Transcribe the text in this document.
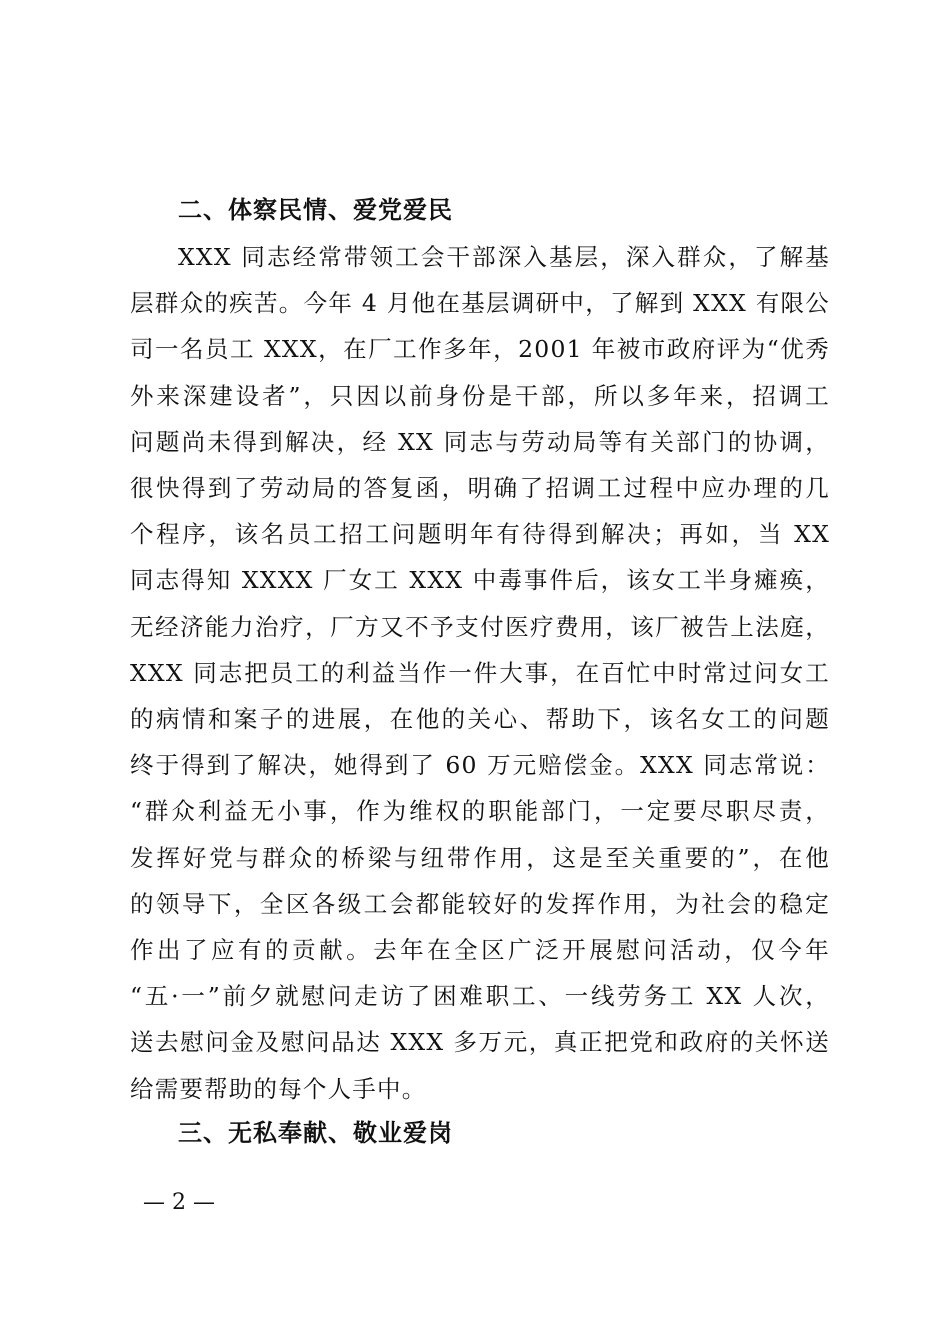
二、体察民情、爱党爱民
XXX 同志经常带领工会干部深入基层，深入群众，了解基
层群众的疾苦。今年 4 月他在基层调研中，了解到 XXX 有限公
司一名员工 XXX，在厂工作多年，2001 年被市政府评为“优秀
外来深建设者”，只因以前身份是干部，所以多年来，招调工
问题尚未得到解决，经 XX 同志与劳动局等有关部门的协调，
很快得到了劳动局的答复函，明确了招调工过程中应办理的几
个程序，该名员工招工问题明年有待得到解决；再如，当 XX
同志得知 XXXX 厂女工 XXX 中毒事件后，该女工半身瘫痪，
无经济能力治疗，厂方又不予支付医疗费用，该厂被告上法庭，
XXX 同志把员工的利益当作一件大事，在百忙中时常过问女工
的病情和案子的进展，在他的关心、帮助下，该名女工的问题
终于得到了解决，她得到了 60 万元赔偿金。XXX 同志常说：
“群众利益无小事，作为维权的职能部门，一定要尽职尽责，
发挥好党与群众的桥梁与纽带作用，这是至关重要的”，在他
的领导下，全区各级工会都能较好的发挥作用，为社会的稳定
作出了应有的贡献。去年在全区广泛开展慰问活动，仅今年
“五·一”前夕就慰问走访了困难职工、一线劳务工 XX 人次，
送去慰问金及慰问品达 XXX 多万元，真正把党和政府的关怀送
给需要帮助的每个人手中。
三、无私奉献、敬业爱岗
— 2 —
